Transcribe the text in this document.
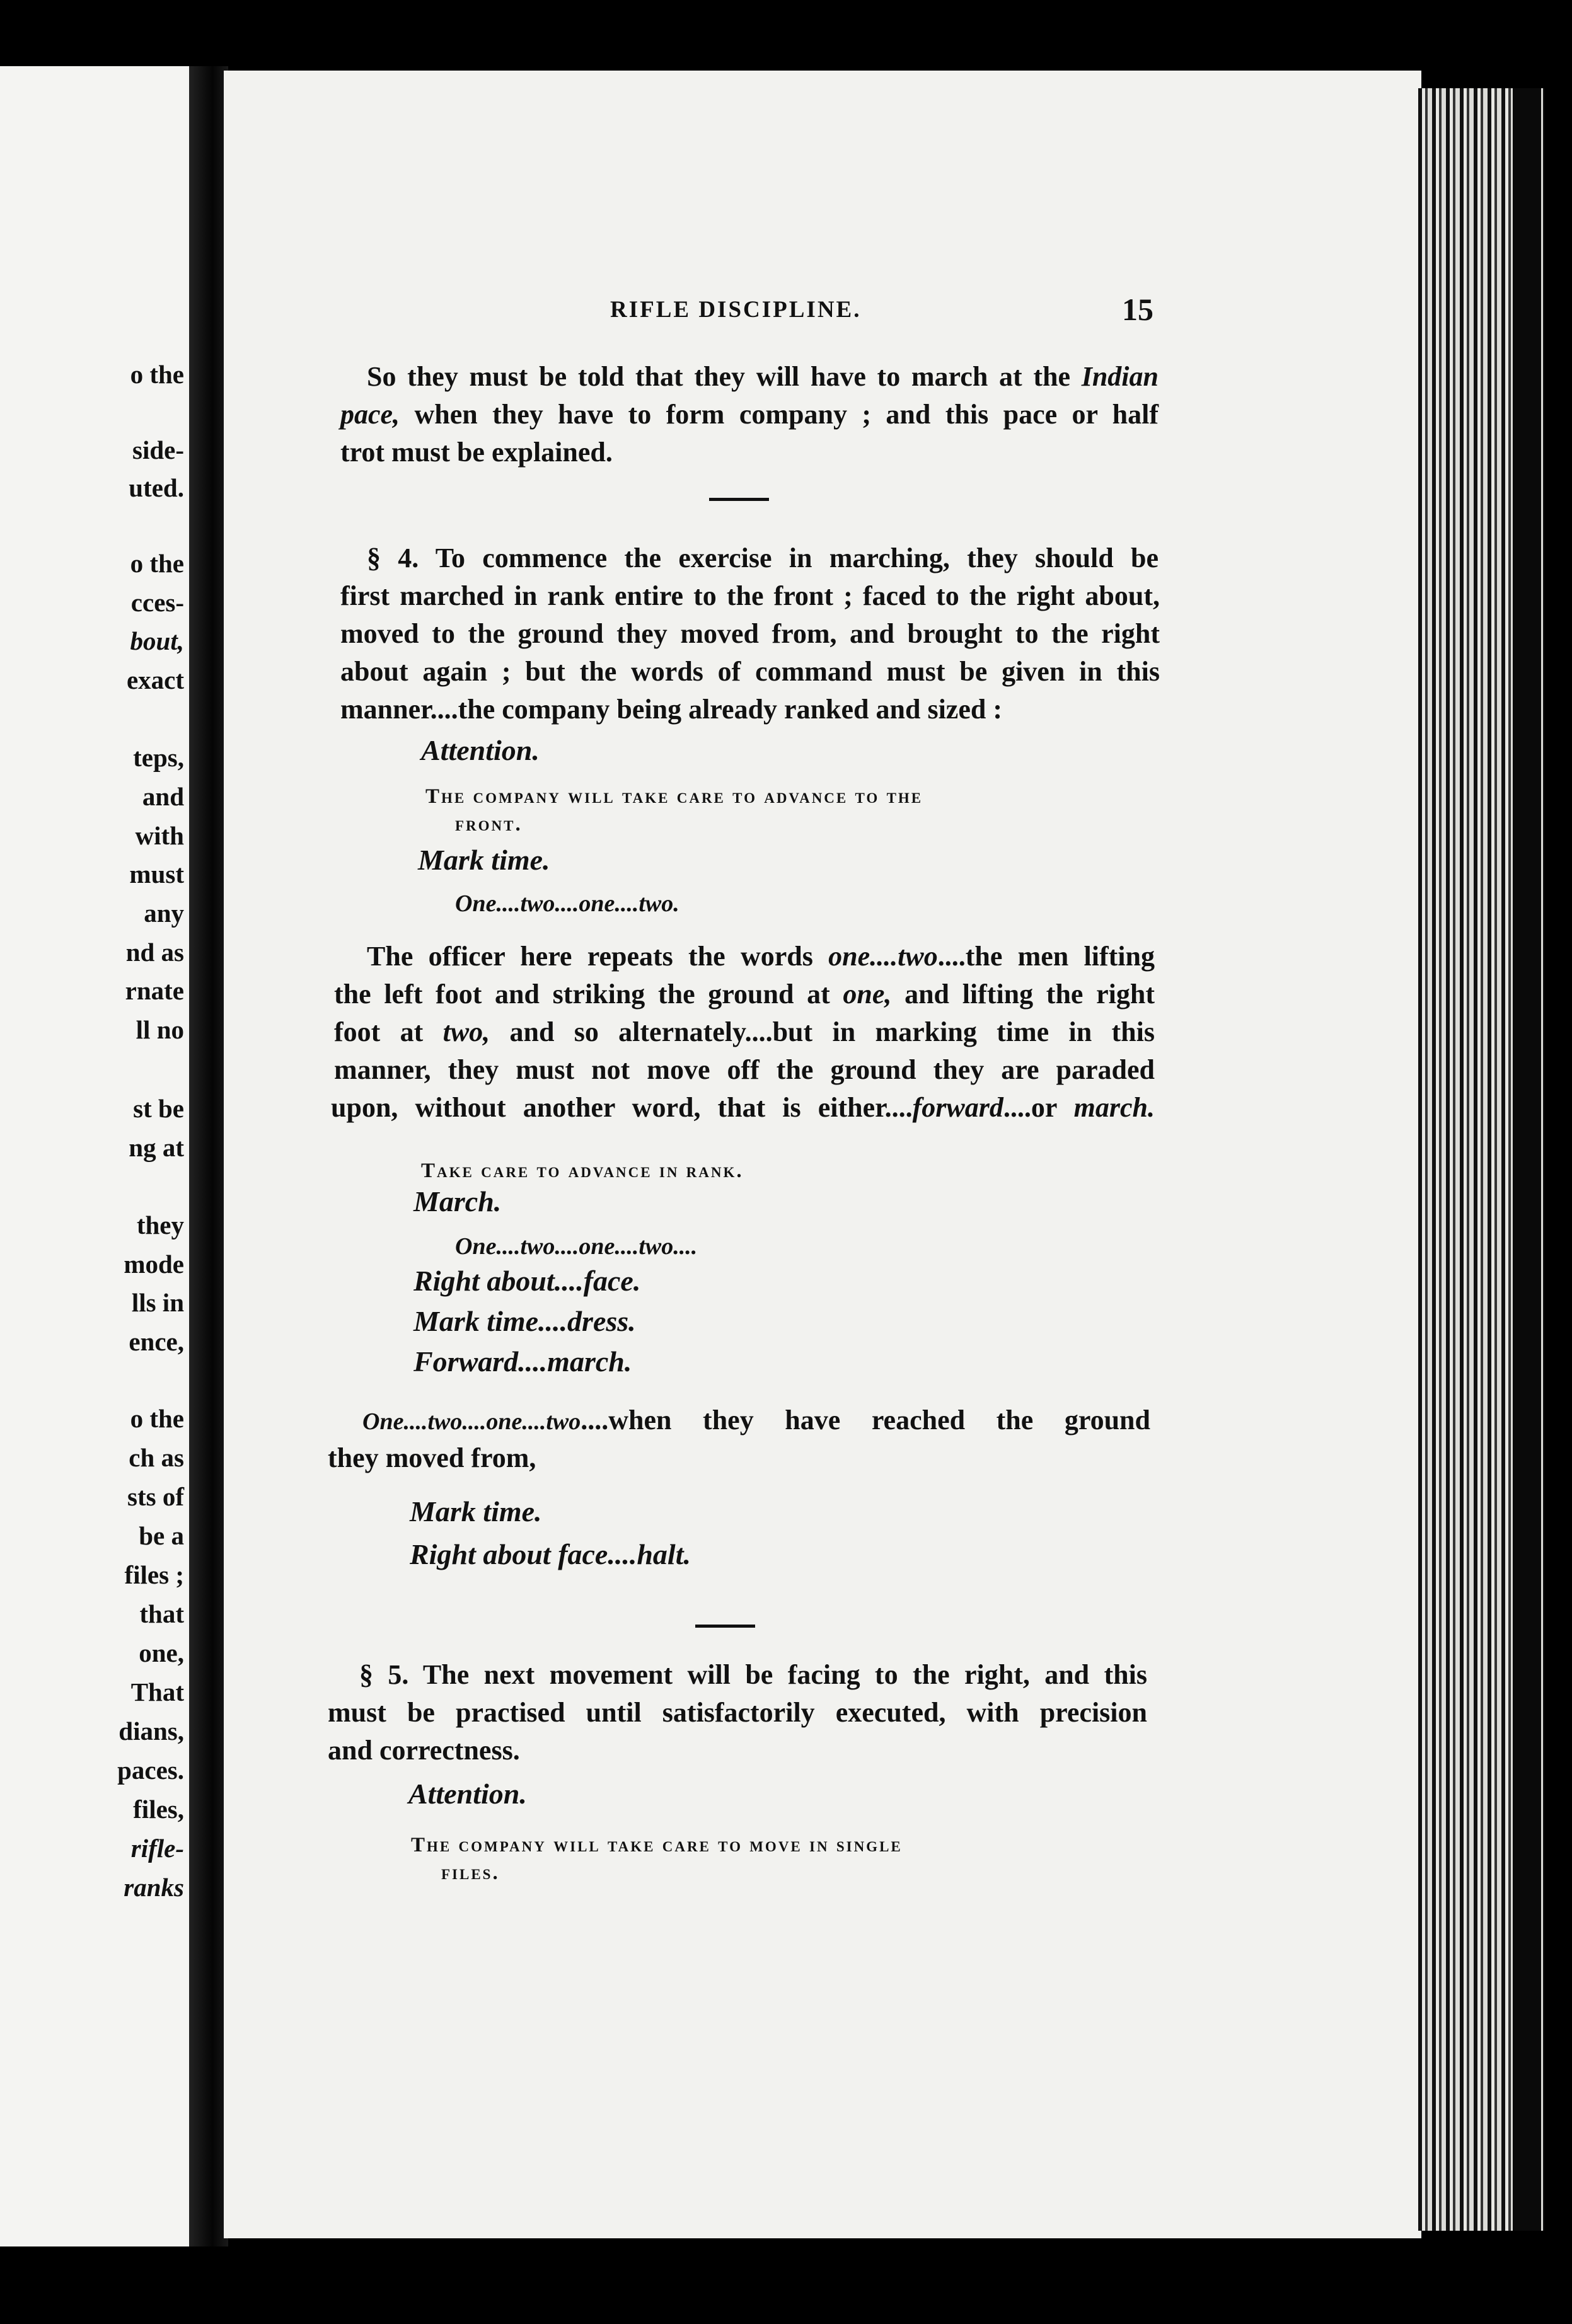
o the
side-
uted.
o the
cces-
bout,
exact
teps,
and
with
must
any
nd as
rnate
ll no
st be
ng at
they
mode
lls in
ence,
o the
ch as
sts of
be a
files ;
that
one,
That
dians,
paces.
files,
rifle-
ranks
RIFLE DISCIPLINE.	15
So they must be told that they will have to march at the Indian
pace, when they have to form company ; and this pace or half
trot must be explained.
§ 4. To commence the exercise in marching, they should be
first marched in rank entire to the front ; faced to the right about,
moved to the ground they moved from, and brought to the right
about again ; but the words of command must be given in this
manner....the company being already ranked and sized :
Attention.
The company will take care to advance to the
front.
Mark time.
One....two....one....two.
The officer here repeats the words one....two....the men lifting
the left foot and striking the ground at one, and lifting the right
foot at two, and so alternately....but in marking time in this
manner, they must not move off the ground they are paraded
upon, without another word, that is either....forward....or march.
Take care to advance in rank.
March.
One....two....one....two....
Right about....face.
Mark time....dress.
Forward....march.
One....two....one....two....when they have reached the ground
they moved from,
Mark time.
Right about face....halt.
§ 5. The next movement will be facing to the right, and this
must be practised until satisfactorily executed, with precision
and correctness.
Attention.
The company will take care to move in single
files.
